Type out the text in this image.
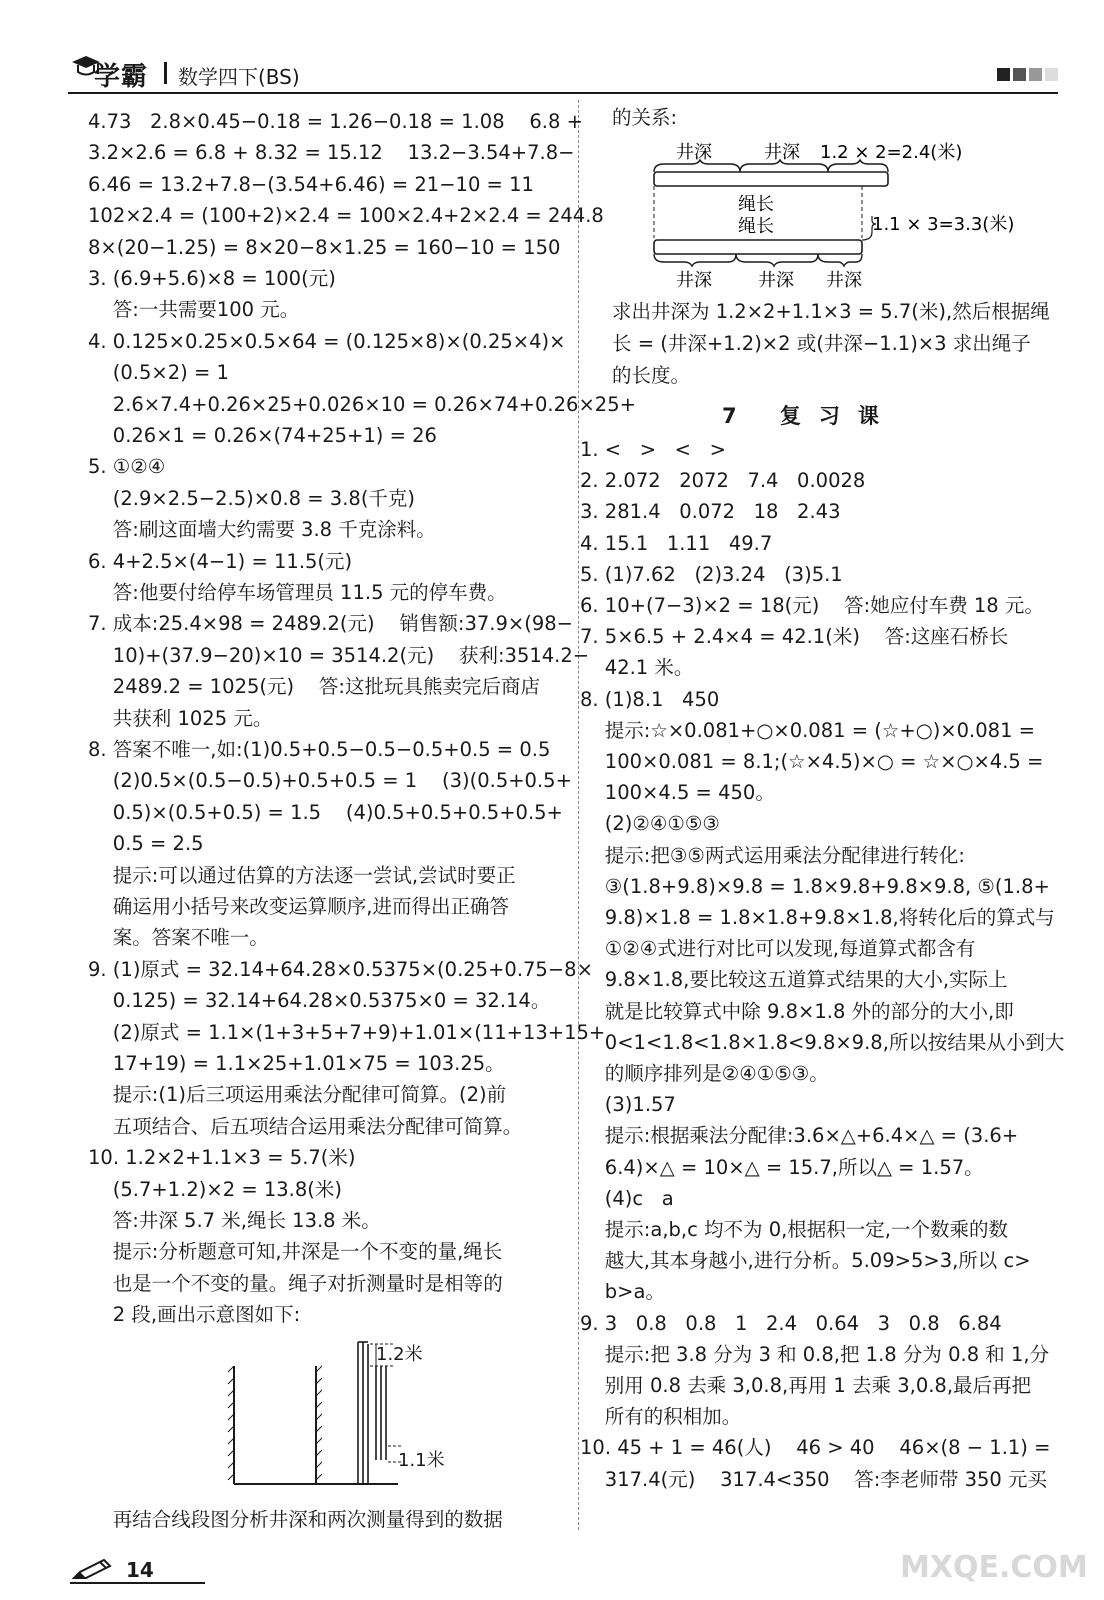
学霸 数学四下(BS)
4.73   2.8×0.45−0.18 = 1.26−0.18 = 1.08    6.8 +
3.2×2.6 = 6.8 + 8.32 = 15.12    13.2−3.54+7.8−
6.46 = 13.2+7.8−(3.54+6.46) = 21−10 = 11
102×2.4 = (100+2)×2.4 = 100×2.4+2×2.4 = 244.8
8×(20−1.25) = 8×20−8×1.25 = 160−10 = 150
3. (6.9+5.6)×8 = 100(元)
答:一共需要100 元。
4. 0.125×0.25×0.5×64 = (0.125×8)×(0.25×4)×
(0.5×2) = 1
2.6×7.4+0.26×25+0.026×10 = 0.26×74+0.26×25+
0.26×1 = 0.26×(74+25+1) = 26
5. ①②④
(2.9×2.5−2.5)×0.8 = 3.8(千克)
答:刷这面墙大约需要 3.8 千克涂料。
6. 4+2.5×(4−1) = 11.5(元)
答:他要付给停车场管理员 11.5 元的停车费。
7. 成本:25.4×98 = 2489.2(元)    销售额:37.9×(98−
10)+(37.9−20)×10 = 3514.2(元)    获利:3514.2−
2489.2 = 1025(元)    答:这批玩具熊卖完后商店
共获利 1025 元。
8. 答案不唯一,如:(1)0.5+0.5−0.5−0.5+0.5 = 0.5
(2)0.5×(0.5−0.5)+0.5+0.5 = 1    (3)(0.5+0.5+
0.5)×(0.5+0.5) = 1.5    (4)0.5+0.5+0.5+0.5+
0.5 = 2.5
提示:可以通过估算的方法逐一尝试,尝试时要正
确运用小括号来改变运算顺序,进而得出正确答
案。答案不唯一。
9. (1)原式 = 32.14+64.28×0.5375×(0.25+0.75−8×
0.125) = 32.14+64.28×0.5375×0 = 32.14。
(2)原式 = 1.1×(1+3+5+7+9)+1.01×(11+13+15+
17+19) = 1.1×25+1.01×75 = 103.25。
提示:(1)后三项运用乘法分配律可简算。(2)前
五项结合、后五项结合运用乘法分配律可简算。
10. 1.2×2+1.1×3 = 5.7(米)
(5.7+1.2)×2 = 13.8(米)
答:井深 5.7 米,绳长 13.8 米。
提示:分析题意可知,井深是一个不变的量,绳长
也是一个不变的量。绳子对折测量时是相等的
2 段,画出示意图如下:
再结合线段图分析井深和两次测量得到的数据
1.2米
1.1米
的关系:
井深	井深 1.2 × 2=2.4(米)
绳长
绳长	1.1 × 3=3.3(米)
井深	井深 井深
求出井深为 1.2×2+1.1×3 = 5.7(米),然后根据绳
长 = (井深+1.2)×2 或(井深−1.1)×3 求出绳子
的长度。
7 复习课
1. <   >   <   >
2. 2.072   2072   7.4   0.0028
3. 281.4   0.072   18   2.43
4. 15.1   1.11   49.7
5. (1)7.62   (2)3.24   (3)5.1
6. 10+(7−3)×2 = 18(元)    答:她应付车费 18 元。
7. 5×6.5 + 2.4×4 = 42.1(米)    答:这座石桥长
42.1 米。
8. (1)8.1   450
提示:☆×0.081+○×0.081 = (☆+○)×0.081 =
100×0.081 = 8.1;(☆×4.5)×○ = ☆×○×4.5 =
100×4.5 = 450。
(2)②④①⑤③
提示:把③⑤两式运用乘法分配律进行转化:
③(1.8+9.8)×9.8 = 1.8×9.8+9.8×9.8, ⑤(1.8+
9.8)×1.8 = 1.8×1.8+9.8×1.8,将转化后的算式与
①②④式进行对比可以发现,每道算式都含有
9.8×1.8,要比较这五道算式结果的大小,实际上
就是比较算式中除 9.8×1.8 外的部分的大小,即
0<1<1.8<1.8×1.8<9.8×9.8,所以按结果从小到大
的顺序排列是②④①⑤③。
(3)1.57
提示:根据乘法分配律:3.6×△+6.4×△ = (3.6+
6.4)×△ = 10×△ = 15.7,所以△ = 1.57。
(4)c   a
提示:a,b,c 均不为 0,根据积一定,一个数乘的数
越大,其本身越小,进行分析。5.09>5>3,所以 c>
b>a。
9. 3   0.8   0.8   1   2.4   0.64   3   0.8   6.84
提示:把 3.8 分为 3 和 0.8,把 1.8 分为 0.8 和 1,分
别用 0.8 去乘 3,0.8,再用 1 去乘 3,0.8,最后再把
所有的积相加。
10. 45 + 1 = 46(人)    46 > 40    46×(8 − 1.1) =
317.4(元)    317.4<350    答:李老师带 350 元买
14	MXQE.COM
